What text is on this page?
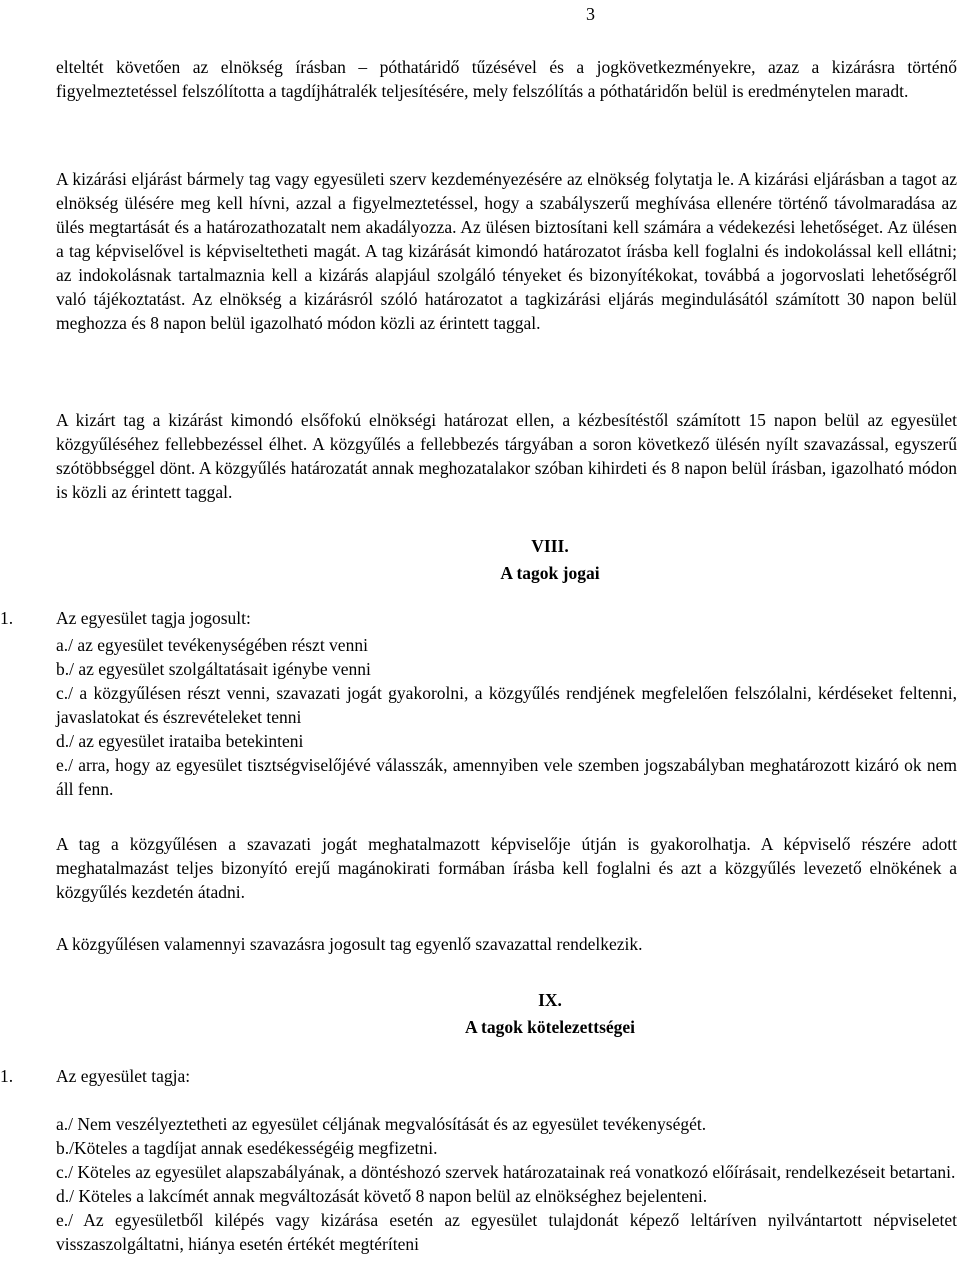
3
elteltét követően az elnökség írásban – póthatáridő tűzésével és a jogkövetkezményekre, azaz a kizárásra történő figyelmeztetéssel felszólította a tagdíjhátralék teljesítésére, mely felszólítás a póthatáridőn belül is eredménytelen maradt.
A kizárási eljárást bármely tag vagy egyesületi szerv kezdeményezésére az elnökség folytatja le. A kizárási eljárásban a tagot az elnökség ülésére meg kell hívni, azzal a figyelmeztetéssel, hogy a szabályszerű meghívása ellenére történő távolmaradása az ülés megtartását és a határozathozatalt nem akadályozza. Az ülésen biztosítani kell számára a védekezési lehetőséget. Az ülésen a tag képviselővel is képviseltetheti magát. A tag kizárását kimondó határozatot írásba kell foglalni és indokolással kell ellátni; az indokolásnak tartalmaznia kell a kizárás alapjául szolgáló tényeket és bizonyítékokat, továbbá a jogorvoslati lehetőségről való tájékoztatást. Az elnökség a kizárásról szóló határozatot a tagkizárási eljárás megindulásától számított 30 napon belül meghozza és 8 napon belül igazolható módon közli az érintett taggal.
A kizárt tag a kizárást kimondó elsőfokú elnökségi határozat ellen, a kézbesítéstől számított 15 napon belül az egyesület közgyűléséhez fellebbezéssel élhet. A közgyűlés a fellebbezés tárgyában a soron következő ülésén nyílt szavazással, egyszerű szótöbbséggel dönt. A közgyűlés határozatát annak meghozatalakor szóban kihirdeti és 8 napon belül írásban, igazolható módon is közli az érintett taggal.
VIII.
A tagok jogai
1. Az egyesület tagja jogosult:
a./ az egyesület tevékenységében részt venni
b./ az egyesület szolgáltatásait igénybe venni
c./ a közgyűlésen részt venni, szavazati jogát gyakorolni, a közgyűlés rendjének megfelelően felszólalni, kérdéseket feltenni, javaslatokat és észrevételeket tenni
d./ az egyesület irataiba betekinteni
e./ arra, hogy az egyesület tisztségviselőjévé válasszák, amennyiben vele szemben jogszabályban meghatározott kizáró ok nem áll fenn.
A tag a közgyűlésen a szavazati jogát meghatalmazott képviselője útján is gyakorolhatja. A képviselő részére adott meghatalmazást teljes bizonyító erejű magánokirati formában írásba kell foglalni és azt a közgyűlés levezető elnökének a közgyűlés kezdetén átadni.
A közgyűlésen valamennyi szavazásra jogosult tag egyenlő szavazattal rendelkezik.
IX.
A tagok kötelezettségei
1. Az egyesület tagja:
a./ Nem veszélyeztetheti az egyesület céljának megvalósítását és az egyesület tevékenységét.
b./Köteles a tagdíjat annak esedékességéig megfizetni.
c./ Köteles az egyesület alapszabályának, a döntéshozó szervek határozatainak reá vonatkozó előírásait, rendelkezéseit betartani.
d./ Köteles a lakcímét annak megváltozását követő 8 napon belül az elnökséghez bejelenteni.
e./ Az egyesületből kilépés vagy kizárása esetén az egyesület tulajdonát képező leltáríven nyilvántartott népviseletet visszaszolgáltatni, hiánya esetén értékét megtéríteni
